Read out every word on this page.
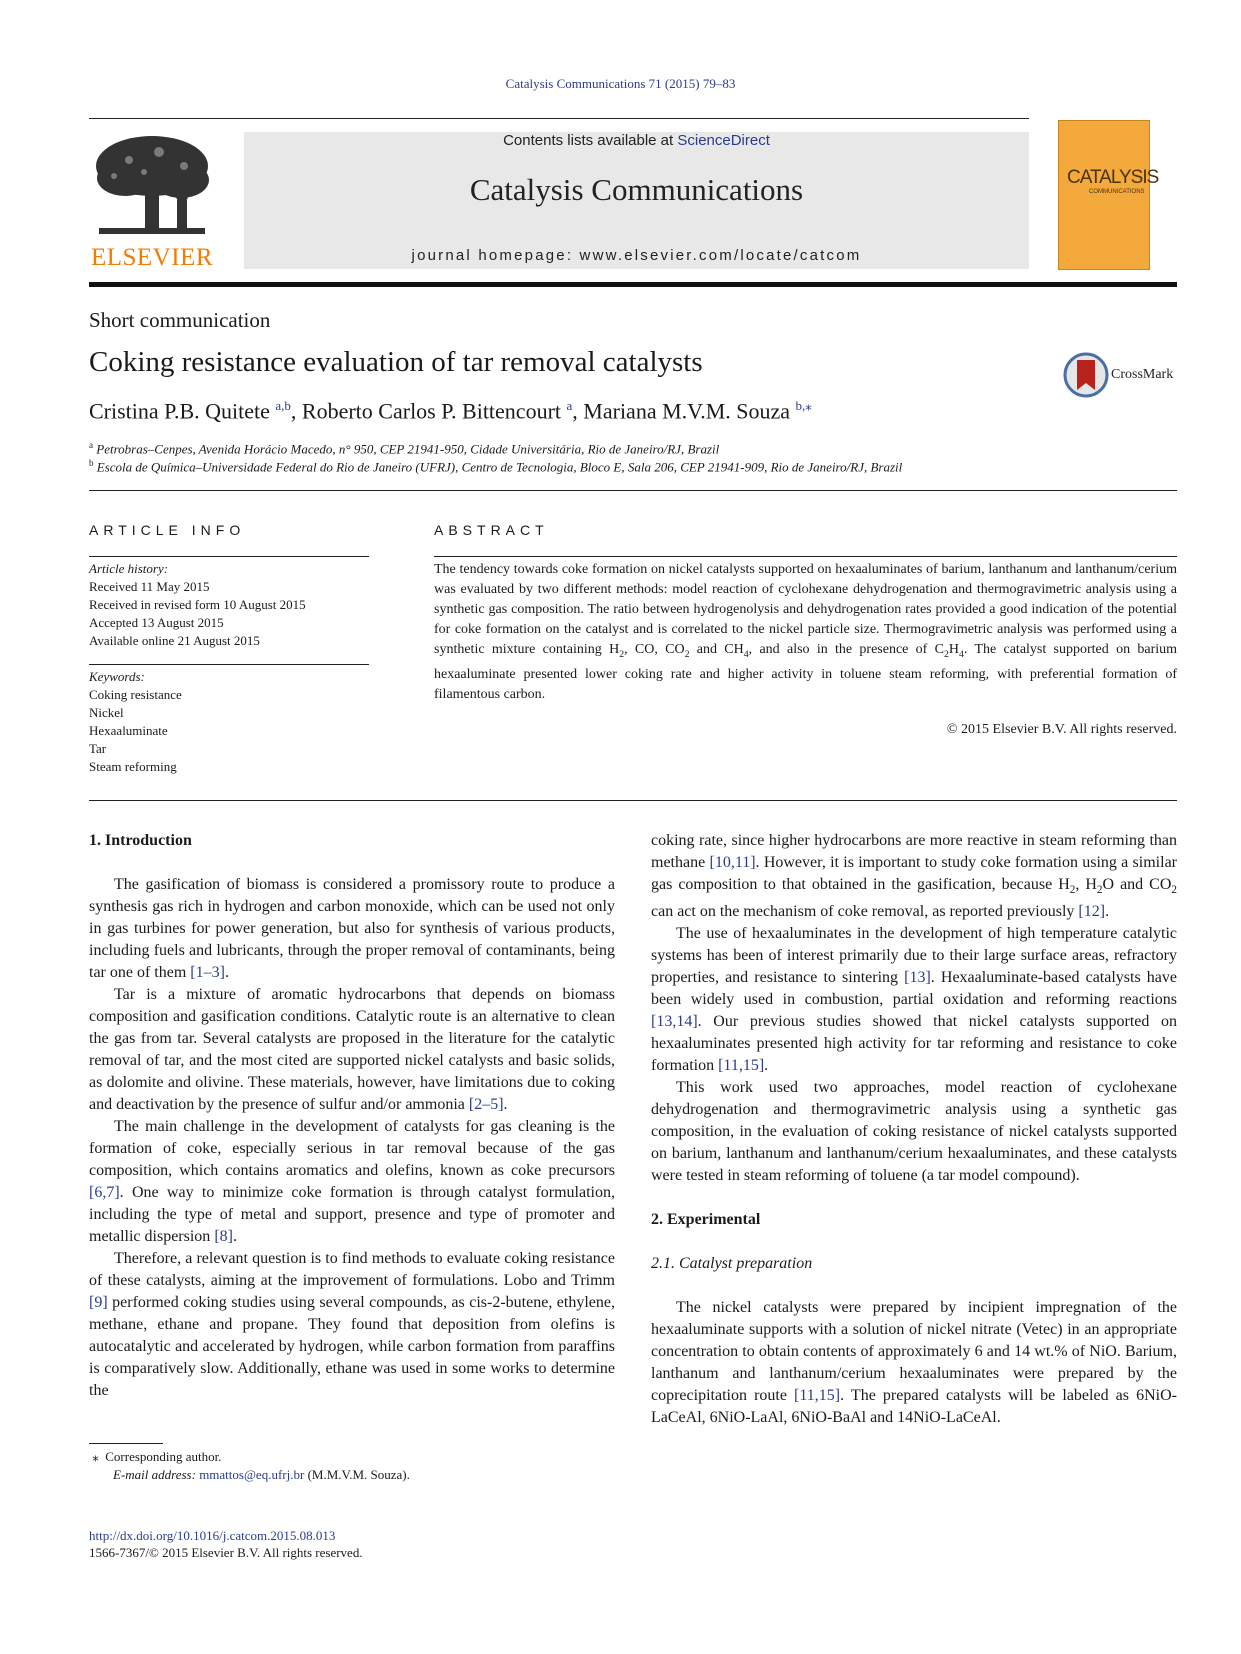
Catalysis Communications 71 (2015) 79–83
ELSEVIER
Contents lists available at ScienceDirect
Catalysis Communications
journal homepage: www.elsevier.com/locate/catcom
CATALYSIS
COMMUNICATIONS
Short communication
Coking resistance evaluation of tar removal catalysts	CrossMark
Cristina P.B. Quitete $^{a,b}$, Roberto Carlos P. Bittencourt $^a$, Mariana M.V.M. Souza $^{b,⁎}$
$^a$ Petrobras–Cenpes, Avenida Horácio Macedo, n° 950, CEP 21941-950, Cidade Universitária, Rio de Janeiro/RJ, Brazil
$^b$ Escola de Química–Universidade Federal do Rio de Janeiro (UFRJ), Centro de Tecnologia, Bloco E, Sala 206, CEP 21941-909, Rio de Janeiro/RJ, Brazil
ARTICLE INFO
Article history:
Received 11 May 2015
Received in revised form 10 August 2015
Accepted 13 August 2015
Available online 21 August 2015
Keywords:
Coking resistance
Nickel
Hexaaluminate
Tar
Steam reforming
ABSTRACT
The tendency towards coke formation on nickel catalysts supported on hexaaluminates of barium, lanthanum and lanthanum/cerium was evaluated by two different methods: model reaction of cyclohexane dehydrogenation and thermogravimetric analysis using a synthetic gas composition. The ratio between hydrogenolysis and dehydrogenation rates provided a good indication of the potential for coke formation on the catalyst and is correlated to the nickel particle size. Thermogravimetric analysis was performed using a synthetic mixture containing $H_2$, CO, $CO_2$ and $CH_4$, and also in the presence of $C_2H_4$. The catalyst supported on barium hexaaluminate presented lower coking rate and higher activity in toluene steam reforming, with preferential formation of filamentous carbon.
© 2015 Elsevier B.V. All rights reserved.
1. Introduction

The gasification of biomass is considered a promissory route to produce a synthesis gas rich in hydrogen and carbon monoxide, which can be used not only in gas turbines for power generation, but also for synthesis of various products, including fuels and lubricants, through the proper removal of contaminants, being tar one of them [1–3].

Tar is a mixture of aromatic hydrocarbons that depends on biomass composition and gasification conditions. Catalytic route is an alternative to clean the gas from tar. Several catalysts are proposed in the literature for the catalytic removal of tar, and the most cited are supported nickel catalysts and basic solids, as dolomite and olivine. These materials, however, have limitations due to coking and deactivation by the presence of sulfur and/or ammonia [2–5].

The main challenge in the development of catalysts for gas cleaning is the formation of coke, especially serious in tar removal because of the gas composition, which contains aromatics and olefins, known as coke precursors [6,7]. One way to minimize coke formation is through catalyst formulation, including the type of metal and support, presence and type of promoter and metallic dispersion [8].

Therefore, a relevant question is to find methods to evaluate coking resistance of these catalysts, aiming at the improvement of formulations. Lobo and Trimm [9] performed coking studies using several compounds, as cis-2-butene, ethylene, methane, ethane and propane. They found that deposition from olefins is autocatalytic and accelerated by hydrogen, while carbon formation from paraffins is comparatively slow. Additionally, ethane was used in some works to determine the

⁎ Corresponding author.
E-mail address: mmattos@eq.ufrj.br (M.M.V.M. Souza).
http://dx.doi.org/10.1016/j.catcom.2015.08.013
1566-7367/© 2015 Elsevier B.V. All rights reserved.

coking rate, since higher hydrocarbons are more reactive in steam reforming than methane [10,11]. However, it is important to study coke formation using a similar gas composition to that obtained in the gasification, because $H_2$, $H_2O$ and $CO_2$ can act on the mechanism of coke removal, as reported previously [12].

The use of hexaaluminates in the development of high temperature catalytic systems has been of interest primarily due to their large surface areas, refractory properties, and resistance to sintering [13]. Hexaaluminate-based catalysts have been widely used in combustion, partial oxidation and reforming reactions [13,14]. Our previous studies showed that nickel catalysts supported on hexaaluminates presented high activity for tar reforming and resistance to coke formation [11,15].

This work used two approaches, model reaction of cyclohexane dehydrogenation and thermogravimetric analysis using a synthetic gas composition, in the evaluation of coking resistance of nickel catalysts supported on barium, lanthanum and lanthanum/cerium hexaaluminates, and these catalysts were tested in steam reforming of toluene (a tar model compound).

2. Experimental
2.1. Catalyst preparation

The nickel catalysts were prepared by incipient impregnation of the hexaaluminate supports with a solution of nickel nitrate (Vetec) in an appropriate concentration to obtain contents of approximately 6 and 14 wt.% of NiO. Barium, lanthanum and lanthanum/cerium hexaaluminates were prepared by the coprecipitation route [11,15]. The prepared catalysts will be labeled as 6NiO-LaCeAl, 6NiO-LaAl, 6NiO-BaAl and 14NiO-LaCeAl.
